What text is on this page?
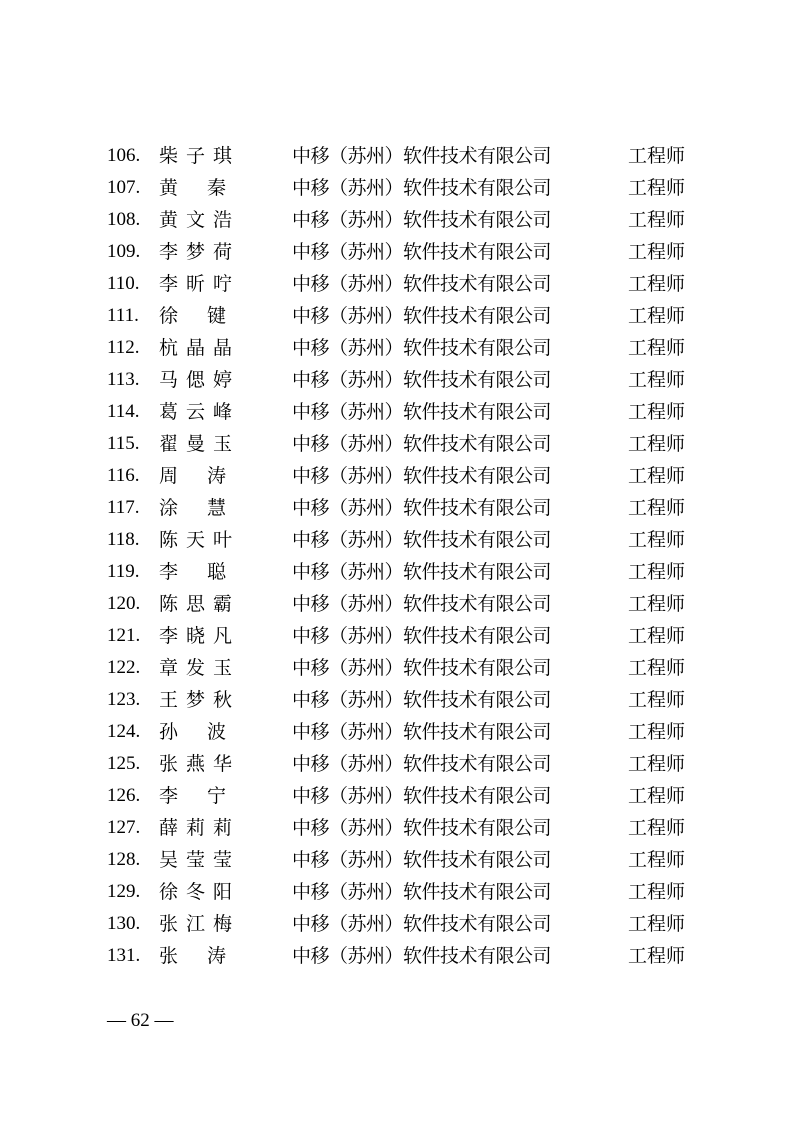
106. 柴子琪	中移（苏州）软件技术有限公司	工程师
107. 黄 秦	中移（苏州）软件技术有限公司	工程师
108. 黄文浩	中移（苏州）软件技术有限公司	工程师
109. 李梦荷	中移（苏州）软件技术有限公司	工程师
110.	李昕咛	中移（苏州）软件技术有限公司	工程师
111.	徐 键	中移（苏州）软件技术有限公司	工程师
112.	杭晶晶	中移（苏州）软件技术有限公司	工程师
113.	马偲婷	中移（苏州）软件技术有限公司	工程师
114.	葛云峰	中移（苏州）软件技术有限公司	工程师
115.	翟曼玉	中移（苏州）软件技术有限公司	工程师
116.	周 涛	中移（苏州）软件技术有限公司	工程师
117.	涂 慧	中移（苏州）软件技术有限公司	工程师
118.	陈天叶	中移（苏州）软件技术有限公司	工程师
119.	李 聪	中移（苏州）软件技术有限公司	工程师
120. 陈思霸	中移（苏州）软件技术有限公司	工程师
121. 李晓凡	中移（苏州）软件技术有限公司	工程师
122. 章发玉	中移（苏州）软件技术有限公司	工程师
123. 王梦秋	中移（苏州）软件技术有限公司	工程师
124. 孙 波	中移（苏州）软件技术有限公司	工程师
125. 张燕华	中移（苏州）软件技术有限公司	工程师
126. 李 宁	中移（苏州）软件技术有限公司	工程师
127. 薛莉莉	中移（苏州）软件技术有限公司	工程师
128. 吴莹莹	中移（苏州）软件技术有限公司	工程师
129. 徐冬阳	中移（苏州）软件技术有限公司	工程师
130. 张江梅	中移（苏州）软件技术有限公司	工程师
131. 张 涛	中移（苏州）软件技术有限公司	工程师
— 62 —
